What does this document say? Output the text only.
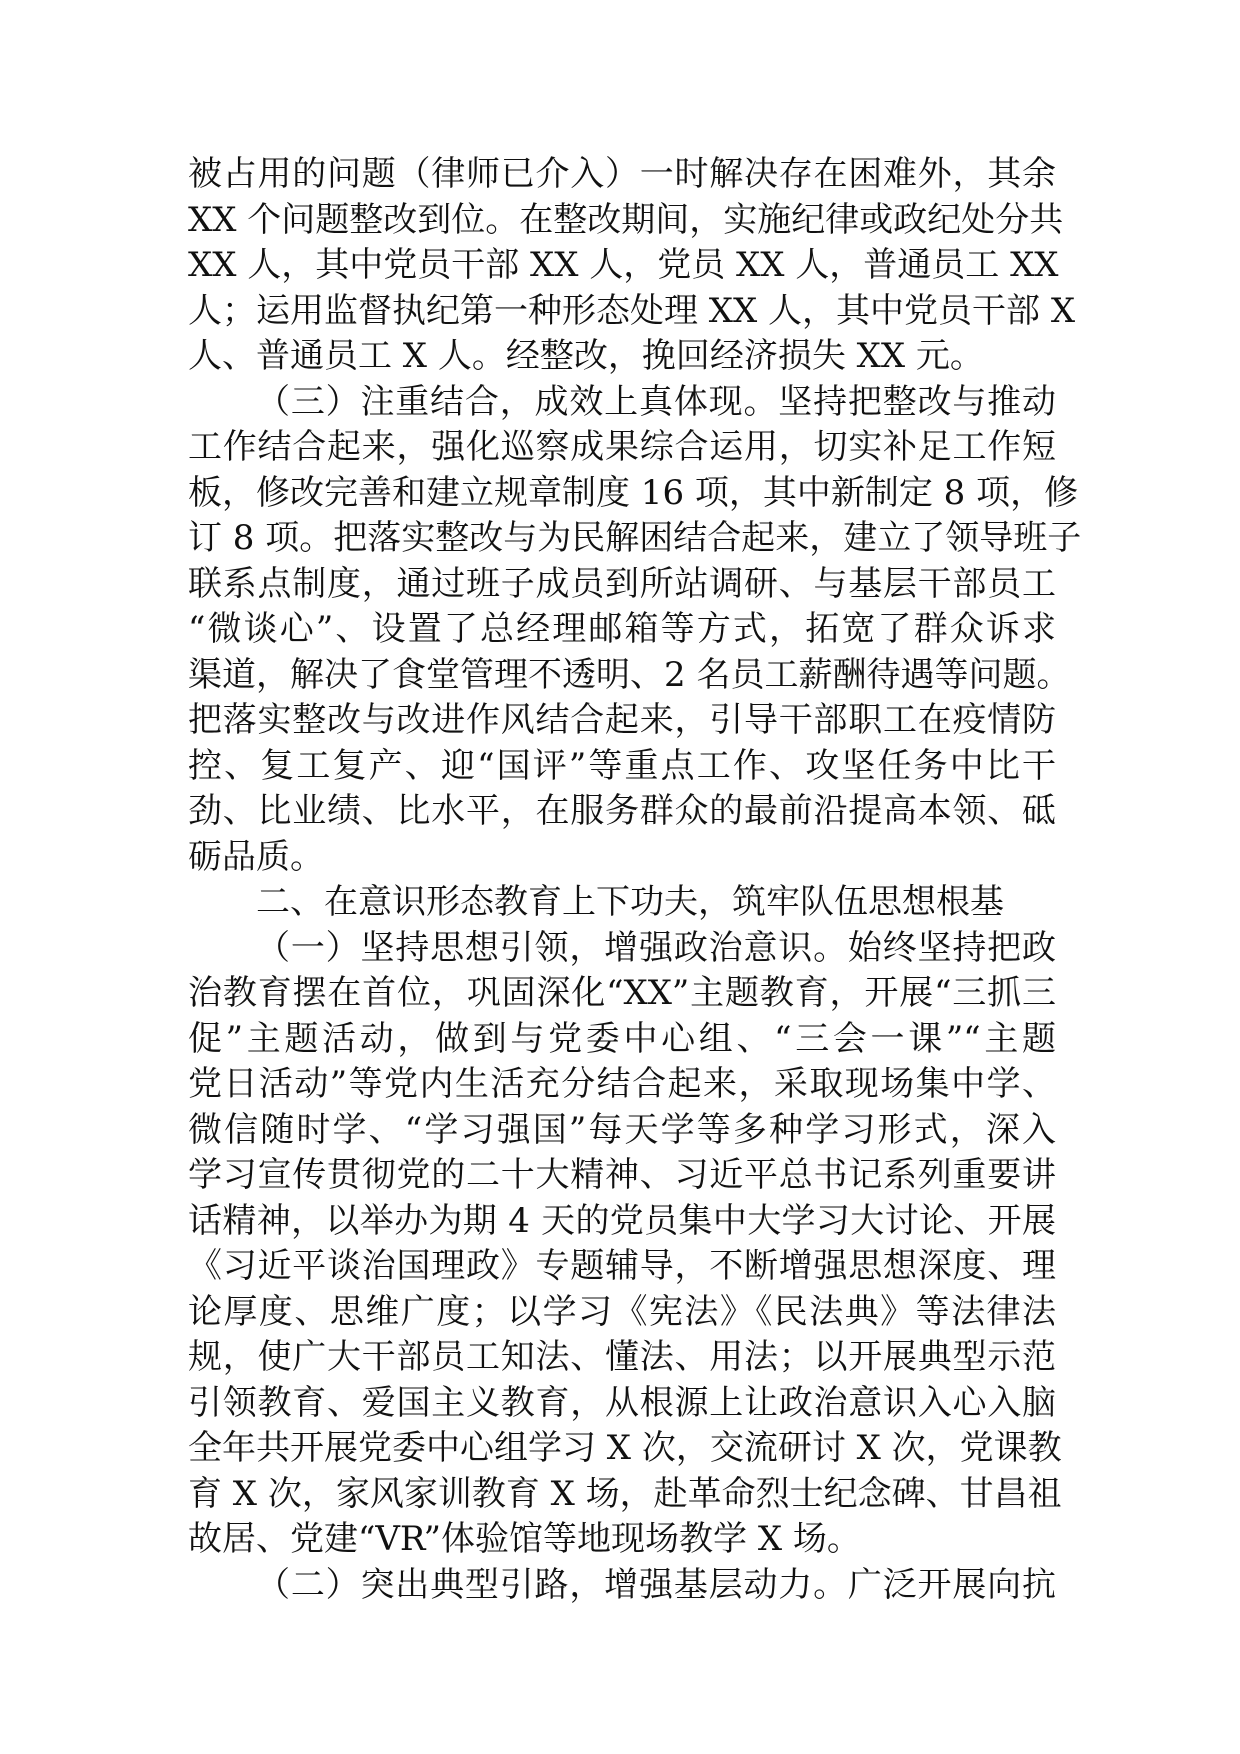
被占用的问题（律师已介入）一时解决存在困难外，其余
XX 个问题整改到位。在整改期间，实施纪律或政纪处分共
XX 人，其中党员干部 XX 人，党员 XX 人，普通员工 XX
人；运用监督执纪第一种形态处理 XX 人，其中党员干部 X
人、普通员工 X 人。经整改，挽回经济损失 XX 元。
（三）注重结合，成效上真体现。坚持把整改与推动
工作结合起来，强化巡察成果综合运用，切实补足工作短
板，修改完善和建立规章制度 16 项，其中新制定 8 项，修
订 8 项。把落实整改与为民解困结合起来，建立了领导班子
联系点制度，通过班子成员到所站调研、与基层干部员工
“微谈心”、设置了总经理邮箱等方式，拓宽了群众诉求
渠道，解决了食堂管理不透明、2 名员工薪酬待遇等问题。
把落实整改与改进作风结合起来，引导干部职工在疫情防
控、复工复产、迎“国评”等重点工作、攻坚任务中比干
劲、比业绩、比水平，在服务群众的最前沿提高本领、砥
砺品质。
二、在意识形态教育上下功夫，筑牢队伍思想根基
（一）坚持思想引领，增强政治意识。始终坚持把政
治教育摆在首位，巩固深化“XX”主题教育，开展“三抓三
促”主题活动，做到与党委中心组、“三会一课”“主题
党日活动”等党内生活充分结合起来，采取现场集中学、
微信随时学、“学习强国”每天学等多种学习形式，深入
学习宣传贯彻党的二十大精神、习近平总书记系列重要讲
话精神，以举办为期 4 天的党员集中大学习大讨论、开展
《习近平谈治国理政》专题辅导，不断增强思想深度、理
论厚度、思维广度；以学习《宪法》《民法典》等法律法
规，使广大干部员工知法、懂法、用法；以开展典型示范
引领教育、爱国主义教育，从根源上让政治意识入心入脑
全年共开展党委中心组学习 X 次，交流研讨 X 次，党课教
育 X 次，家风家训教育 X 场，赴革命烈士纪念碑、甘昌祖
故居、党建“VR”体验馆等地现场教学 X 场。
（二）突出典型引路，增强基层动力。广泛开展向抗
